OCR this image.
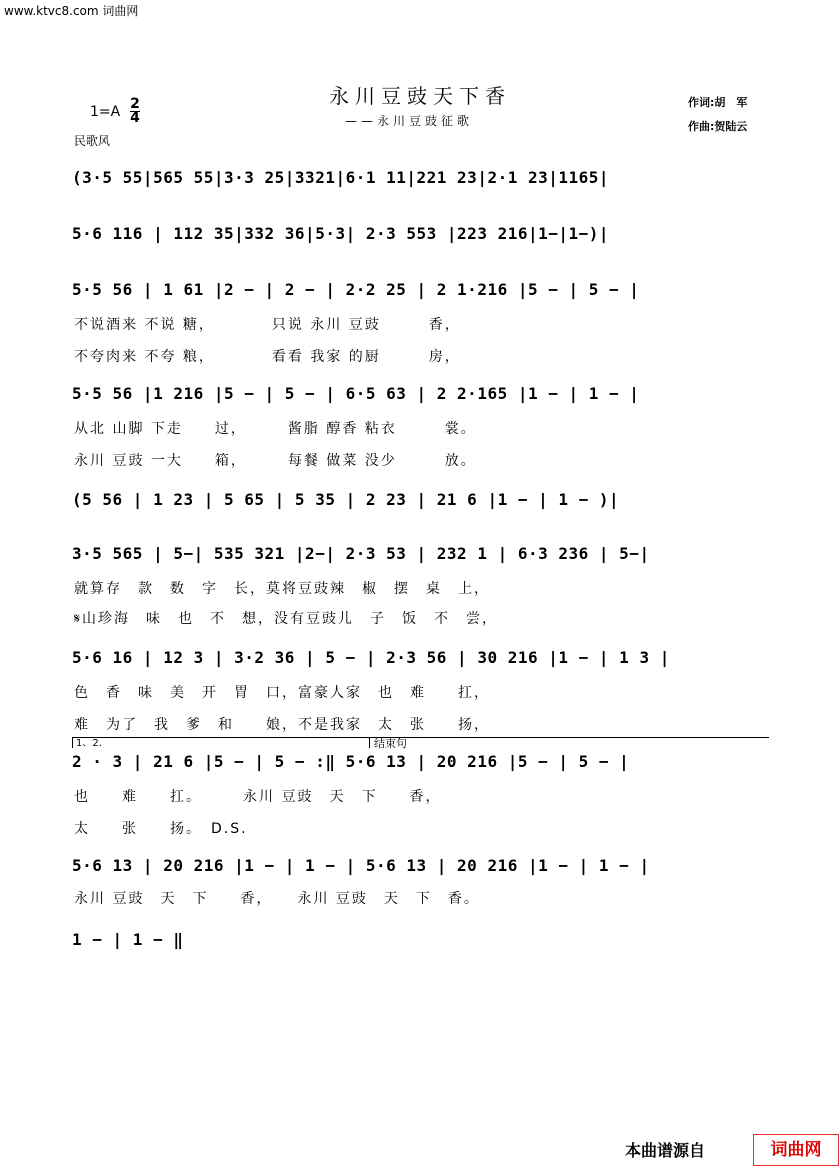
www.ktvc8.com 词曲网
永川豆豉天下香
——永川豆豉征歌
作词:胡　军
作曲:贺陆云
1=A 2
4
民歌风
(3·5 55|565 55|3·3 25|3321|6·1 11|221 23|2·1 23|1165|
5·6 116 | 112 35|332 36|5·3| 2·3 553 |223 216|1−|1−)|
5·5 56 | 1 61 |2 − | 2 − | 2·2 25 | 2 1·216 |5 − | 5 − |
不说酒来 不说 糖，　　　　只说 永川 豆豉　　　香，
不夸肉来 不夸 粮，　　　　看看 我家 的厨　　　房，
5·5 56 |1 216 |5 − | 5 − | 6·5 63 | 2 2·165 |1 − | 1 − |
从北 山脚 下走　　过，　　　酱脂 醇香 粘衣　　　裳。
永川 豆豉 一大　　箱，　　　每餐 做菜 没少　　　放。
(5 56 | 1 23 | 5 65 | 5 35 | 2 23 | 21 6 |1 − | 1 − )|
3·5 565 | 5−| 535 321 |2−| 2·3 53 | 232 1 | 6·3 236 | 5−|
就算存　款　数　字　长，莫将豆豉辣　椒　摆　桌　上，
𝄋山珍海　味　也　不　想，没有豆豉儿　子　饭　不　尝，
5·6 16 | 12 3 | 3·2 36 | 5 − | 2·3 56 | 30 216 |1 − | 1 3 |
色　香　味　美　开　胃　口，富豪人家　也　难　　扛，
难　为了　我　爹　和　　娘，不是我家　太　张　　扬，
1、2.	结束句
2 · 3 | 21 6 |5 − | 5 − :‖ 5·6 13 | 20 216 |5 − | 5 − |
也　　难　　扛。　　　永川 豆豉　天　下　　香，
太　　张　　扬。　D.S.
5·6 13 | 20 216 |1 − | 1 − | 5·6 13 | 20 216 |1 − | 1 − |
永川 豆豉　天　下　　香，　　永川 豆豉　天　下　香。
1 − | 1 − ‖
本曲谱源自	词曲网
